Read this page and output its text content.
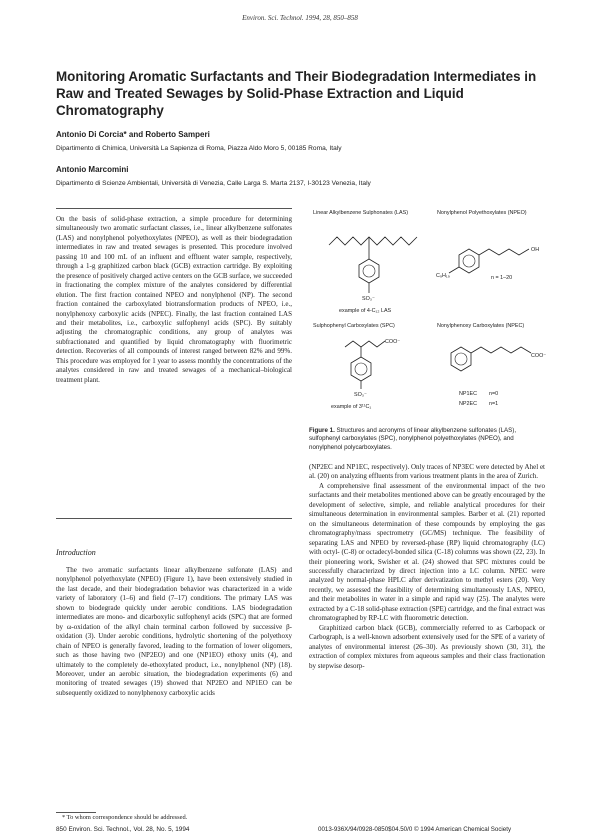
Environ. Sci. Technol. 1994, 28, 850–858
Monitoring Aromatic Surfactants and Their Biodegradation Intermediates in Raw and Treated Sewages by Solid-Phase Extraction and Liquid Chromatography
Antonio Di Corcia* and Roberto Samperi
Dipartimento di Chimica, Università La Sapienza di Roma, Piazza Aldo Moro 5, 00185 Roma, Italy
Antonio Marcomini
Dipartimento di Scienze Ambientali, Università di Venezia, Calle Larga S. Marta 2137, I-30123 Venezia, Italy

On the basis of solid-phase extraction, a simple procedure for determining simultaneously two aromatic surfactant classes, i.e., linear alkylbenzene sulfonates (LAS) and nonylphenol polyethoxylates (NPEO), as well as their biodegradation intermediates in raw and treated sewages is presented. This procedure involved passing 10 and 100 mL of an influent and effluent water sample, respectively, through a 1-g graphitized carbon black (GCB) extraction cartridge. By exploiting the presence of positively charged active centers on the GCB surface, we succeeded in fractionating the complex mixture of the analytes considered by differential elution. The first fraction contained NPEO and nonylphenol (NP). The second fraction contained the carboxylated biotransformation products of NPEO, i.e., nonylphenoxy carboxylic acids (NPEC). Finally, the last fraction contained LAS and their metabolites, i.e., carboxylic sulfophenyl acids (SPC). By suitably adjusting the chromatographic conditions, any group of analytes was subfractionated and quantified by liquid chromatography with fluorimetric detection. Recoveries of all compounds of interest ranged between 82% and 99%. This procedure was employed for 1 year to assess monthly the concentrations of the analytes considered in raw and treated sewages of a mechanical–biological treatment plant.

Introduction

The two aromatic surfactants linear alkylbenzene sulfonate (LAS) and nonylphenol polyethoxylate (NPEO) (Figure 1), have been extensively studied in the last decade, and their biodegradation behavior was characterized in a wide variety of laboratory (1–6) and field (7–17) conditions. The primary LAS was shown to biodegrade quickly under aerobic conditions. LAS biodegradation intermediates are mono- and dicarboxylic sulfophenyl acids (SPC) that are formed by ω-oxidation of the alkyl chain terminal carbon followed by successive β-oxidation (3). Under aerobic conditions, hydrolytic shortening of the polyethoxy chain of NPEO is generally favored, leading to the formation of lower oligomers, such as those having two (NP2EO) and one (NP1EO) ethoxy units (4), and ultimately to the completely de-ethoxylated product, i.e., nonylphenol (NP) (18). Moreover, under an aerobic situation, the biodegradation experiments (6) and monitoring of treated sewages (19) showed that NP2EO and NP1EO can be subsequently oxidized to nonylphenoxy carboxylic acids

Linear Alkylbenzene Sulphonates (LAS)	Nonylphenol Polyethoxylates (NPEO)
SO₃⁻
example of 4-C₁₂ LAS
C₉H₁₉
OH
n = 1–20
Sulphophenyl Carboxylates (SPC)	Nonylphenoxy Carboxylates (NPEC)
COO⁻
SO₃⁻
example of 3¹¹C₁
COO⁻
NP1EC n=0
NP2EC n=1
Figure 1. Structures and acronyms of linear alkylbenzene sulfonates (LAS), sulfophenyl carboxylates (SPC), nonylphenol polyethoxylates (NPEO), and nonylphenol polycarboxylates.

(NP2EC and NP1EC, respectively). Only traces of NP3EC were detected by Ahel et al. (20) on analyzing effluents from various treatment plants in the area of Zurich.

A comprehensive final assessment of the environmental impact of the two surfactants and their metabolites mentioned above can be greatly encouraged by the development of selective, simple, and reliable analytical procedures for their simultaneous determination in environmental samples. Barber et al. (21) reported on the simultaneous determination of these compounds by employing the gas chromatography/mass spectrometry (GC/MS) technique. The feasibility of separating LAS and NPEO by reversed-phase (RP) liquid chromatography (LC) with octyl- (C-8) or octadecyl-bonded silica (C-18) columns was shown (22, 23). In their pioneering work, Swisher et al. (24) showed that SPC mixtures could be successfully characterized by direct injection into a LC column. NPEC were analyzed by normal-phase HPLC after derivatization to methyl esters (20). Very recently, we assessed the feasibility of determining simultaneously LAS, NPEO, and their metabolites in water in a simple and rapid way (25). The analytes were extracted by a C-18 solid-phase extraction (SPE) cartridge, and the final extract was chromatographed by RP-LC with fluorometric detection.

Graphitized carbon black (GCB), commercially referred to as Carbopack or Carbograph, is a well-known adsorbent extensively used for the SPE of a variety of analytes of environmental interest (26–30). As previously shown (30, 31), the extraction of complex mixtures from aqueous samples and their class fractionation by stepwise desorp-

* To whom correspondence should be addressed.
850 Environ. Sci. Technol., Vol. 28, No. 5, 1994	0013-936X/94/0928-0850$04.50/0 © 1994 American Chemical Society
